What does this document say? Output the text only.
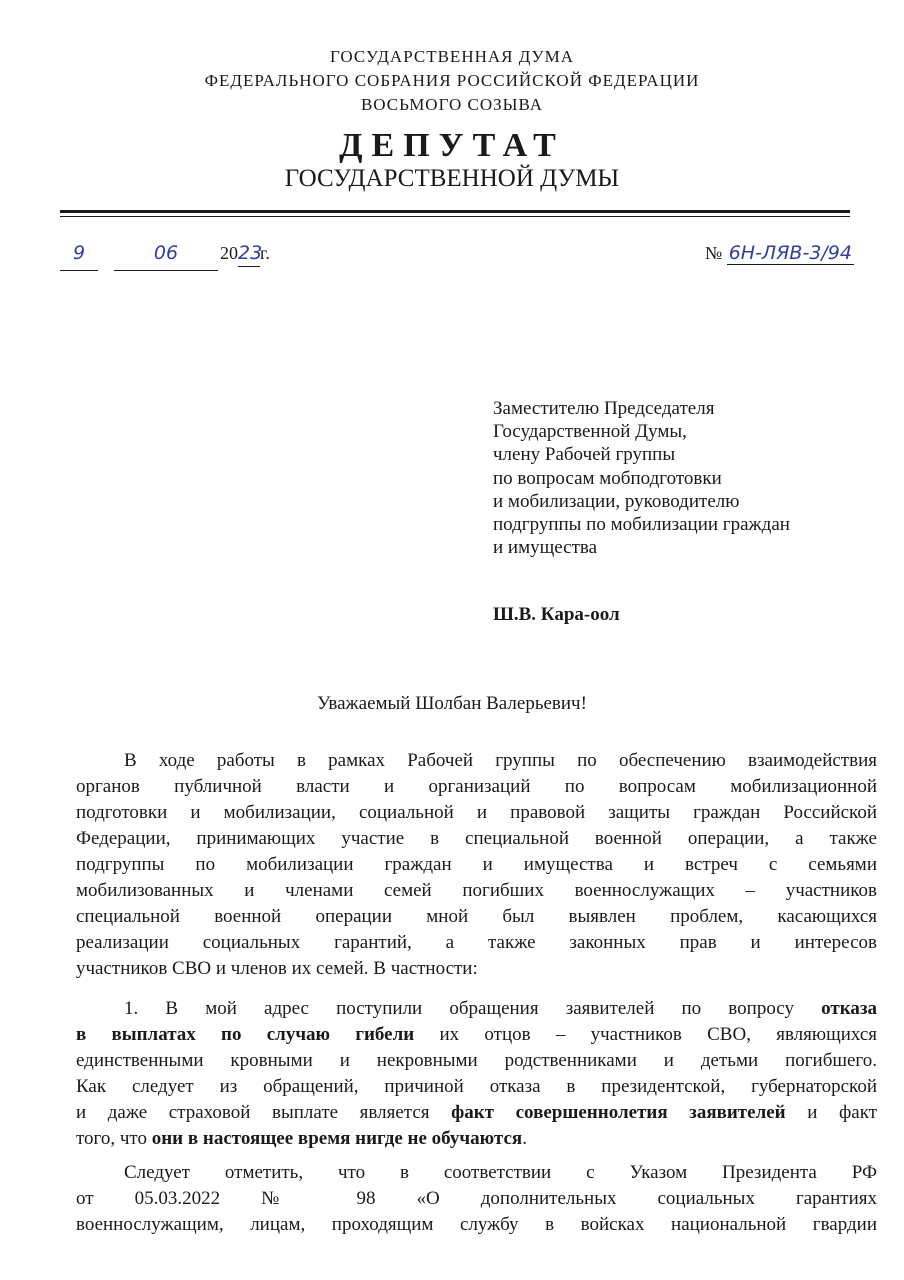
ГОСУДАРСТВЕННАЯ ДУМА
ФЕДЕРАЛЬНОГО СОБРАНИЯ РОССИЙСКОЙ ФЕДЕРАЦИИ
ВОСЬМОГО СОЗЫВА
ДЕПУТАТ
ГОСУДАРСТВЕННОЙ ДУМЫ
9	06	2023г.	№ 6Н-ЛЯВ-3/94
Заместителю Председателя
Государственной Думы,
члену Рабочей группы
по вопросам мобподготовки
и мобилизации, руководителю
подгруппы по мобилизации граждан
и имущества
Ш.В. Кара-оол
Уважаемый Шолбан Валерьевич!
В ходе работы в рамках Рабочей группы по обеспечению взаимодействия
органов публичной власти и организаций по вопросам мобилизационной
подготовки и мобилизации, социальной и правовой защиты граждан Российской
Федерации, принимающих участие в специальной военной операции, а также
подгруппы по мобилизации граждан и имущества и встреч с семьями
мобилизованных и членами семей погибших военнослужащих – участников
специальной военной операции мной был выявлен проблем, касающихся
реализации социальных гарантий, а также законных прав и интересов
участников СВО и членов их семей. В частности:
1. В мой адрес поступили обращения заявителей по вопросу отказа
в выплатах по случаю гибели их отцов – участников СВО, являющихся
единственными кровными и некровными родственниками и детьми погибшего.
Как следует из обращений, причиной отказа в президентской, губернаторской
и даже страховой выплате является факт совершеннолетия заявителей и факт
того, что они в настоящее время нигде не обучаются.
Следует отметить, что в соответствии с Указом Президента РФ
от 05.03.2022 № 98 «О дополнительных социальных гарантиях
военнослужащим, лицам, проходящим службу в войсках национальной гвардии
